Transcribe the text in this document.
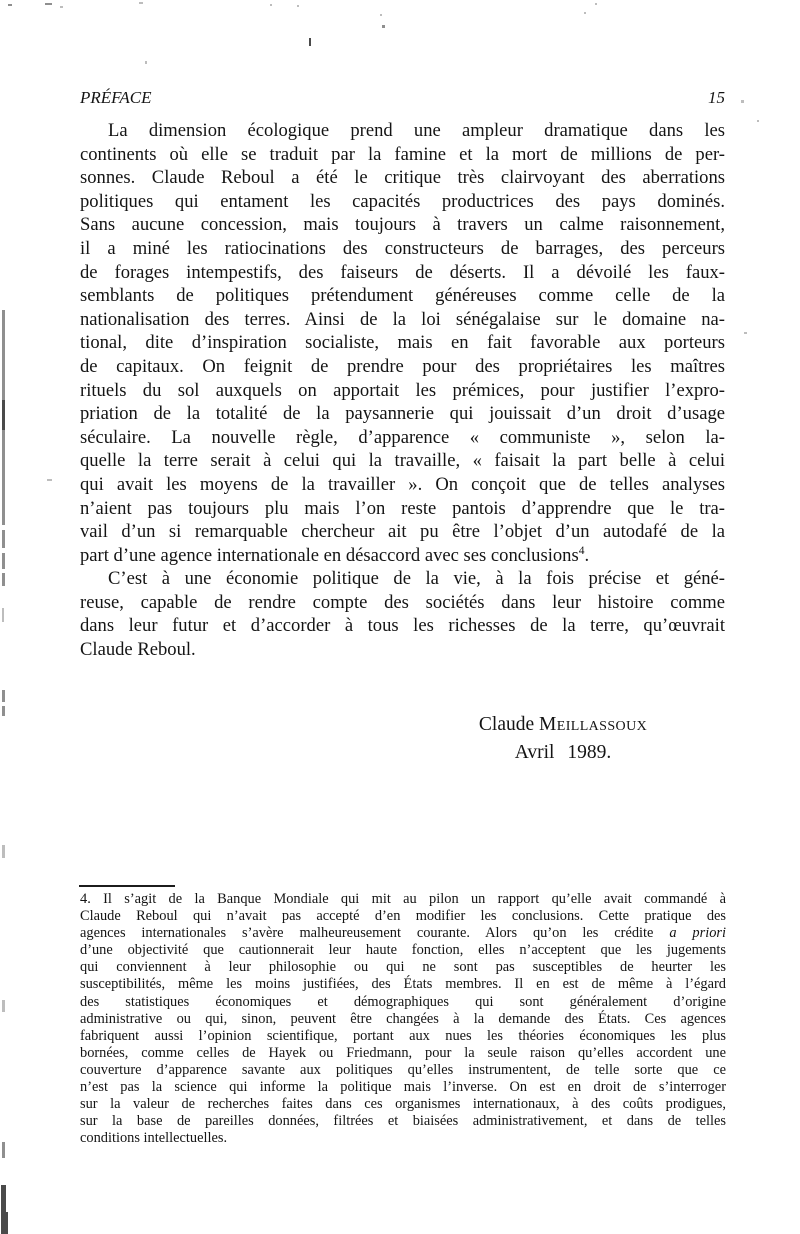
PRÉFACE	15
La dimension écologique prend une ampleur dramatique dans les
continents où elle se traduit par la famine et la mort de millions de per-
sonnes. Claude Reboul a été le critique très clairvoyant des aberrations
politiques qui entament les capacités productrices des pays dominés.
Sans aucune concession, mais toujours à travers un calme raisonnement,
il a miné les ratiocinations des constructeurs de barrages, des perceurs
de forages intempestifs, des faiseurs de déserts. Il a dévoilé les faux-
semblants de politiques prétendument généreuses comme celle de la
nationalisation des terres. Ainsi de la loi sénégalaise sur le domaine na-
tional, dite d’inspiration socialiste, mais en fait favorable aux porteurs
de capitaux. On feignit de prendre pour des propriétaires les maîtres
rituels du sol auxquels on apportait les prémices, pour justifier l’expro-
priation de la totalité de la paysannerie qui jouissait d’un droit d’usage
séculaire. La nouvelle règle, d’apparence « communiste », selon la-
quelle la terre serait à celui qui la travaille, « faisait la part belle à celui
qui avait les moyens de la travailler ». On conçoit que de telles analyses
n’aient pas toujours plu mais l’on reste pantois d’apprendre que le tra-
vail d’un si remarquable chercheur ait pu être l’objet d’un autodafé de la
part d’une agence internationale en désaccord avec ses conclusions$^4$.
C’est à une économie politique de la vie, à la fois précise et géné-
reuse, capable de rendre compte des sociétés dans leur histoire comme
dans leur futur et d’accorder à tous les richesses de la terre, qu’œuvrait
Claude Reboul.
Claude Meillassoux
Avril 1989.
4. Il s’agit de la Banque Mondiale qui mit au pilon un rapport qu’elle avait commandé à
Claude Reboul qui n’avait pas accepté d’en modifier les conclusions. Cette pratique des
agences internationales s’avère malheureusement courante. Alors qu’on les crédite a priori
d’une objectivité que cautionnerait leur haute fonction, elles n’acceptent que les jugements
qui conviennent à leur philosophie ou qui ne sont pas susceptibles de heurter les
susceptibilités, même les moins justifiées, des États membres. Il en est de même à l’égard
des statistiques économiques et démographiques qui sont généralement d’origine
administrative ou qui, sinon, peuvent être changées à la demande des États. Ces agences
fabriquent aussi l’opinion scientifique, portant aux nues les théories économiques les plus
bornées, comme celles de Hayek ou Friedmann, pour la seule raison qu’elles accordent une
couverture d’apparence savante aux politiques qu’elles instrumentent, de telle sorte que ce
n’est pas la science qui informe la politique mais l’inverse. On est en droit de s’interroger
sur la valeur de recherches faites dans ces organismes internationaux, à des coûts prodigues,
sur la base de pareilles données, filtrées et biaisées administrativement, et dans de telles
conditions intellectuelles.
